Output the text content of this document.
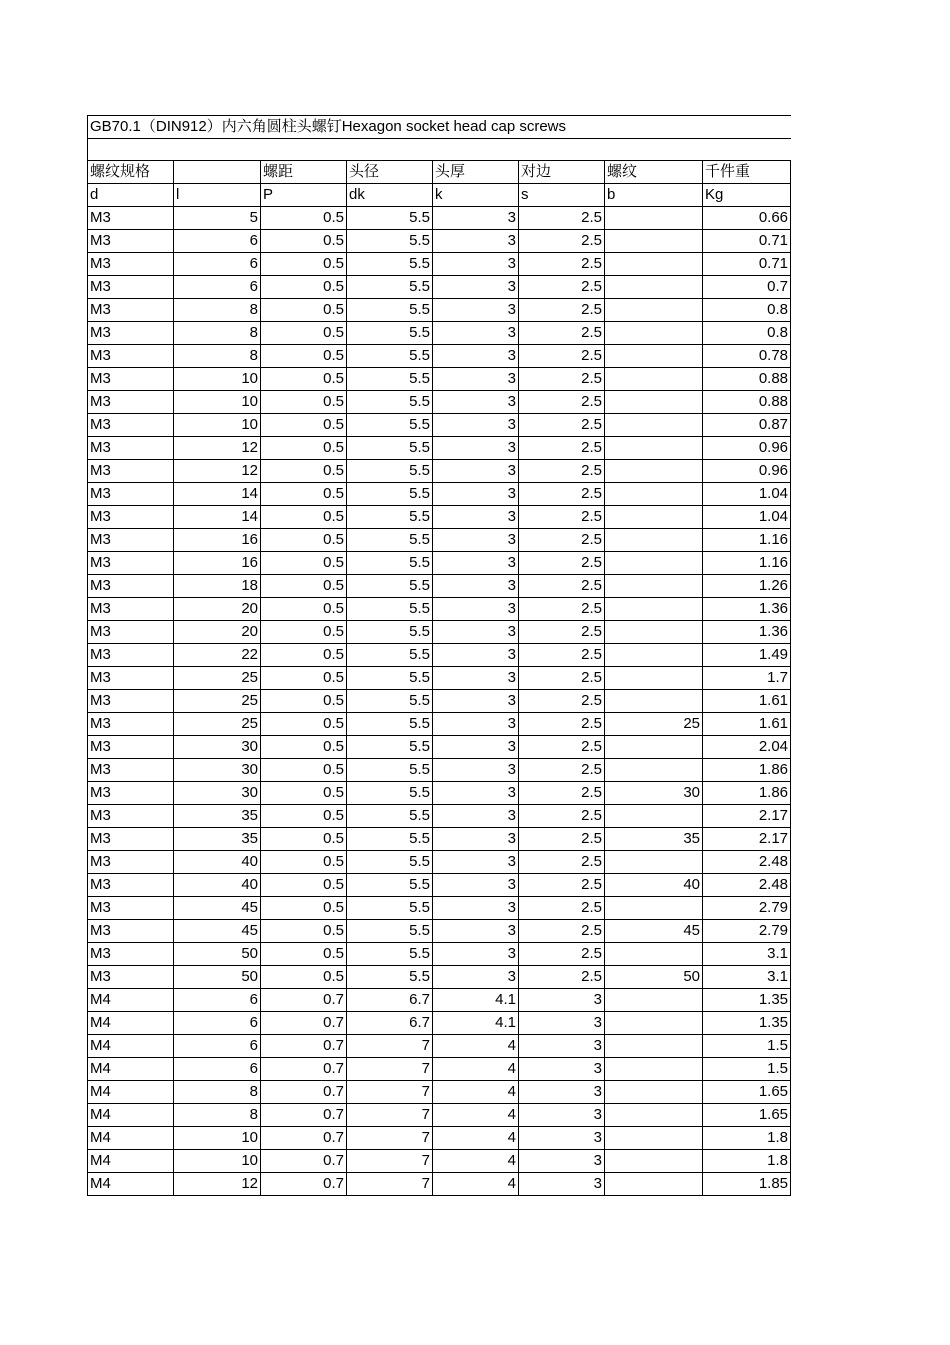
GB70.1（DIN912）内六角圆柱头螺钉Hexagon socket head cap screws							

螺纹规格		螺距	头径	头厚	对边	螺纹	千件重
d	l	P	dk	k	s	b	Kg
M3	5	0.5	5.5	3	2.5		0.66
M3	6	0.5	5.5	3	2.5		0.71
M3	6	0.5	5.5	3	2.5		0.71
M3	6	0.5	5.5	3	2.5		0.7
M3	8	0.5	5.5	3	2.5		0.8
M3	8	0.5	5.5	3	2.5		0.8
M3	8	0.5	5.5	3	2.5		0.78
M3	10	0.5	5.5	3	2.5		0.88
M3	10	0.5	5.5	3	2.5		0.88
M3	10	0.5	5.5	3	2.5		0.87
M3	12	0.5	5.5	3	2.5		0.96
M3	12	0.5	5.5	3	2.5		0.96
M3	14	0.5	5.5	3	2.5		1.04
M3	14	0.5	5.5	3	2.5		1.04
M3	16	0.5	5.5	3	2.5		1.16
M3	16	0.5	5.5	3	2.5		1.16
M3	18	0.5	5.5	3	2.5		1.26
M3	20	0.5	5.5	3	2.5		1.36
M3	20	0.5	5.5	3	2.5		1.36
M3	22	0.5	5.5	3	2.5		1.49
M3	25	0.5	5.5	3	2.5		1.7
M3	25	0.5	5.5	3	2.5		1.61
M3	25	0.5	5.5	3	2.5	25	1.61
M3	30	0.5	5.5	3	2.5		2.04
M3	30	0.5	5.5	3	2.5		1.86
M3	30	0.5	5.5	3	2.5	30	1.86
M3	35	0.5	5.5	3	2.5		2.17
M3	35	0.5	5.5	3	2.5	35	2.17
M3	40	0.5	5.5	3	2.5		2.48
M3	40	0.5	5.5	3	2.5	40	2.48
M3	45	0.5	5.5	3	2.5		2.79
M3	45	0.5	5.5	3	2.5	45	2.79
M3	50	0.5	5.5	3	2.5		3.1
M3	50	0.5	5.5	3	2.5	50	3.1
M4	6	0.7	6.7	4.1	3		1.35
M4	6	0.7	6.7	4.1	3		1.35
M4	6	0.7	7	4	3		1.5
M4	6	0.7	7	4	3		1.5
M4	8	0.7	7	4	3		1.65
M4	8	0.7	7	4	3		1.65
M4	10	0.7	7	4	3		1.8
M4	10	0.7	7	4	3		1.8
M4	12	0.7	7	4	3		1.85
